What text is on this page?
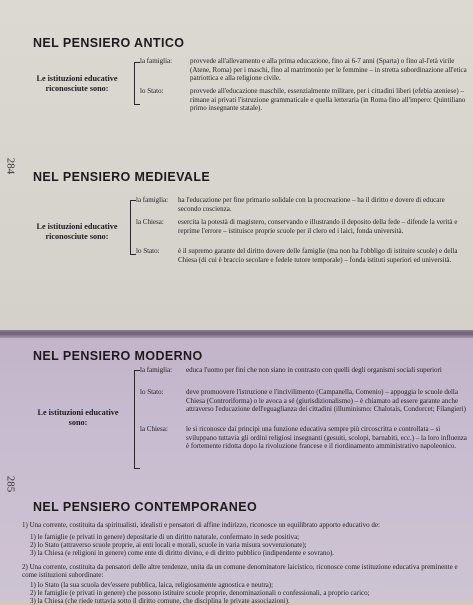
NEL PENSIERO ANTICO
Le istituzioni educative
riconosciute sono:
la famiglia:	provvede all'allevamento e alla prima educazione, fino ai 6-7 anni (Sparta) o fino al-l'età virile (Atene, Roma) per i maschi, fino al matrimonio per le femmine – in stretta subordinazione all'etica patriottica e alla religione civile.
lo Stato:	provvede all'educazione maschile, essenzialmente militare, per i cittadini liberi (efebia ateniese) – rimane ai privati l'istruzione grammaticale e quella letteraria (in Roma fino all'impero: Quintiliano primo insegnante statale).
284
NEL PENSIERO MEDIEVALE
Le istituzioni educative
riconosciute sono:
la famiglia: ha l'educazione per fine primario solidale con la procreazione – ha il diritto e dovere di educare secondo coscienza.
la Chiesa: esercita la potestà di magistero, conservando e illustrando il deposito della fede – difende la verità e reprime l'errore – istituisce proprie scuole per il clero ed i laici, fonda università.
lo Stato:	è il supremo garante del diritto dovere delle famiglie (ma non ha l'obbligo di istituire scuole) e della Chiesa (di cui è braccio secolare e fedele tutore temporale) – fonda istituti superiori ed università.
NEL PENSIERO MODERNO
Le istituzioni educative
sono:
la famiglia: educa l'uomo per fini che non siano in contrasto con quelli degli organismi sociali superiori
lo Stato:	deve promuovere l'istruzione e l'incivilimento (Campanella, Comenio) – appoggia le scuole della Chiesa (Controriforma) o le avoca a sé (giurisdizionalismo) – è chiamato ad essere garante anche attraverso l'educazione dell'eguaglianza dei cittadini (illuminismo: Chalotais, Condorcet; Filangieri)
la Chiesa:	le si riconosce dai principi una funzione educativa sempre più circoscritta e controllata – si sviluppano tuttavia gli ordini religiosi insegnanti (gesuiti, scolopi, barnabiti, ecc.) – la loro influenza è fortemente ridotta dopo la rivoluzione francese e il riordinamento amministrativo napoleonico.
285
NEL PENSIERO CONTEMPORANEO
1) Una corrente, costituita da spiritualisti, idealisti e pensatori di affine indirizzo, riconosce un equilibrato apporto educativo de:
1) le famiglie (e privati in genere) depositarie di un diritto naturale, confermato in sede positiva;
2) lo Stato (attraverso scuole proprie, ai enti locali e morali, scuole in varia misura sovvenzionate);
3) la Chiesa (e religioni in genere) come ente di diritto divino, e di diritto pubblico (indipendente e sovrano).
2) Una corrente, costituita da pensatori delle altre tendenze, unita da un comune denominatore laicistico, riconosce come istituzione educativa preminente e come istituzioni subordinate:
1) lo Stato (la sua scuola dev'essere pubblica, laica, religiosamente agnostica e neutra);
2) le famiglie (e privati in genere) che possono istituire scuole proprie, denominazionali o confessionali, a proprio carico;
3) la Chiesa (che riede tuttavia sotto il diritto comune, che disciplina le private associazioni).
